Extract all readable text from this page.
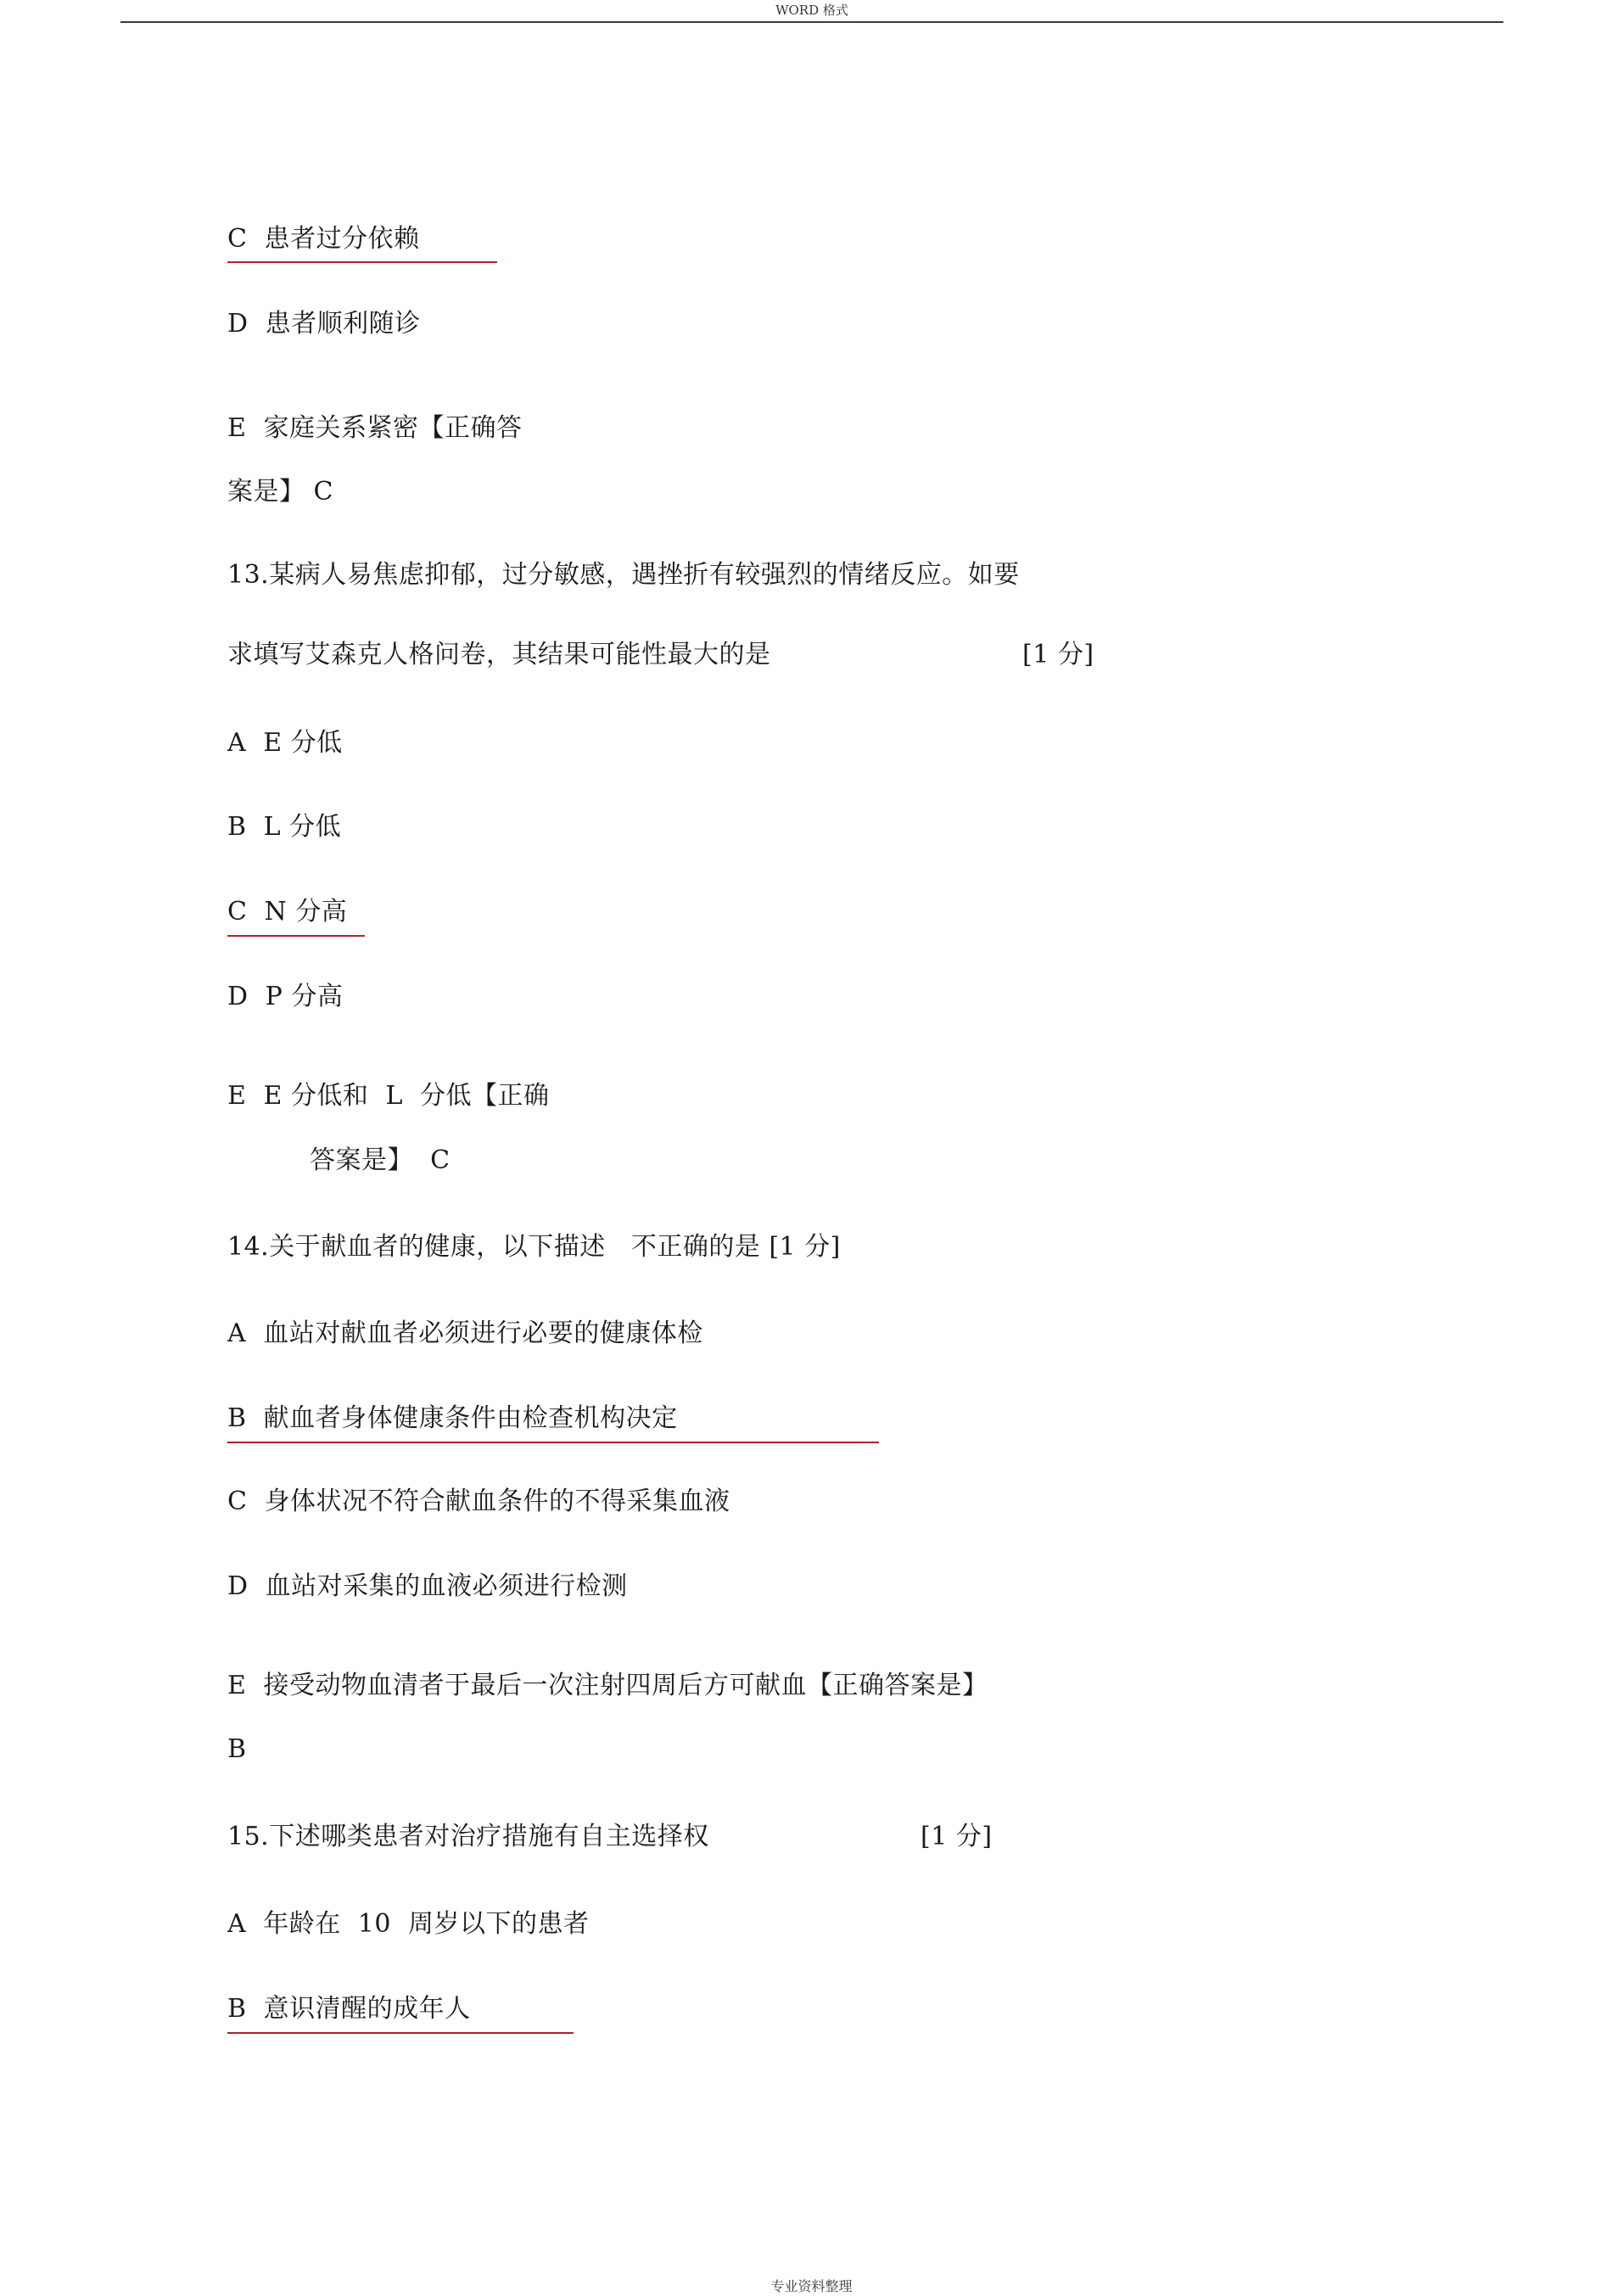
WORD 格式
C  患者过分依赖
D  患者顺利随诊
E  家庭关系紧密【正确答
案是】 C
13.某病人易焦虑抑郁，过分敏感，遇挫折有较强烈的情绪反应。如要
求填写艾森克人格问卷，其结果可能性最大的是	[1 分]
A  E 分低
B  L 分低
C  N 分高
D  P 分高
E  E 分低和  L  分低【正确
答案是】  C
14.关于献血者的健康，以下描述   不正确的是 [1 分]
A  血站对献血者必须进行必要的健康体检
B  献血者身体健康条件由检查机构决定
C  身体状况不符合献血条件的不得采集血液
D  血站对采集的血液必须进行检测
E  接受动物血清者于最后一次注射四周后方可献血【正确答案是】
B
15.下述哪类患者对治疗措施有自主选择权	[1 分]
A  年龄在  10  周岁以下的患者
B  意识清醒的成年人
专业资料整理
